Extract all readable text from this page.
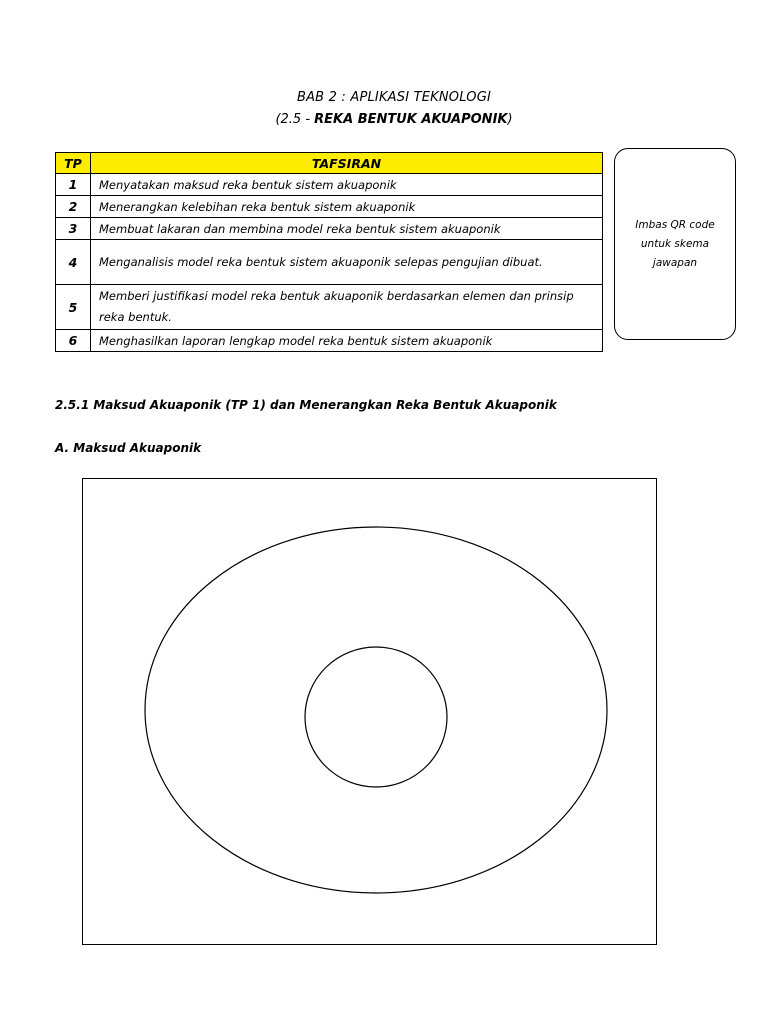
BAB 2 : APLIKASI TEKNOLOGI
(2.5 - REKA BENTUK AKUAPONIK)
TP	TAFSIRAN
1	Menyatakan maksud reka bentuk sistem akuaponik
2	Menerangkan kelebihan reka bentuk sistem akuaponik
3	Membuat lakaran dan membina model reka bentuk sistem akuaponik
4	Menganalisis model reka bentuk sistem akuaponik selepas pengujian dibuat.
5	Memberi justifikasi model reka bentuk akuaponik berdasarkan elemen dan prinsip reka bentuk.
6	Menghasilkan laporan lengkap model reka bentuk sistem akuaponik
Imbas QR code
untuk skema
jawapan
2.5.1 Maksud Akuaponik (TP 1) dan Menerangkan Reka Bentuk Akuaponik
A. Maksud Akuaponik
